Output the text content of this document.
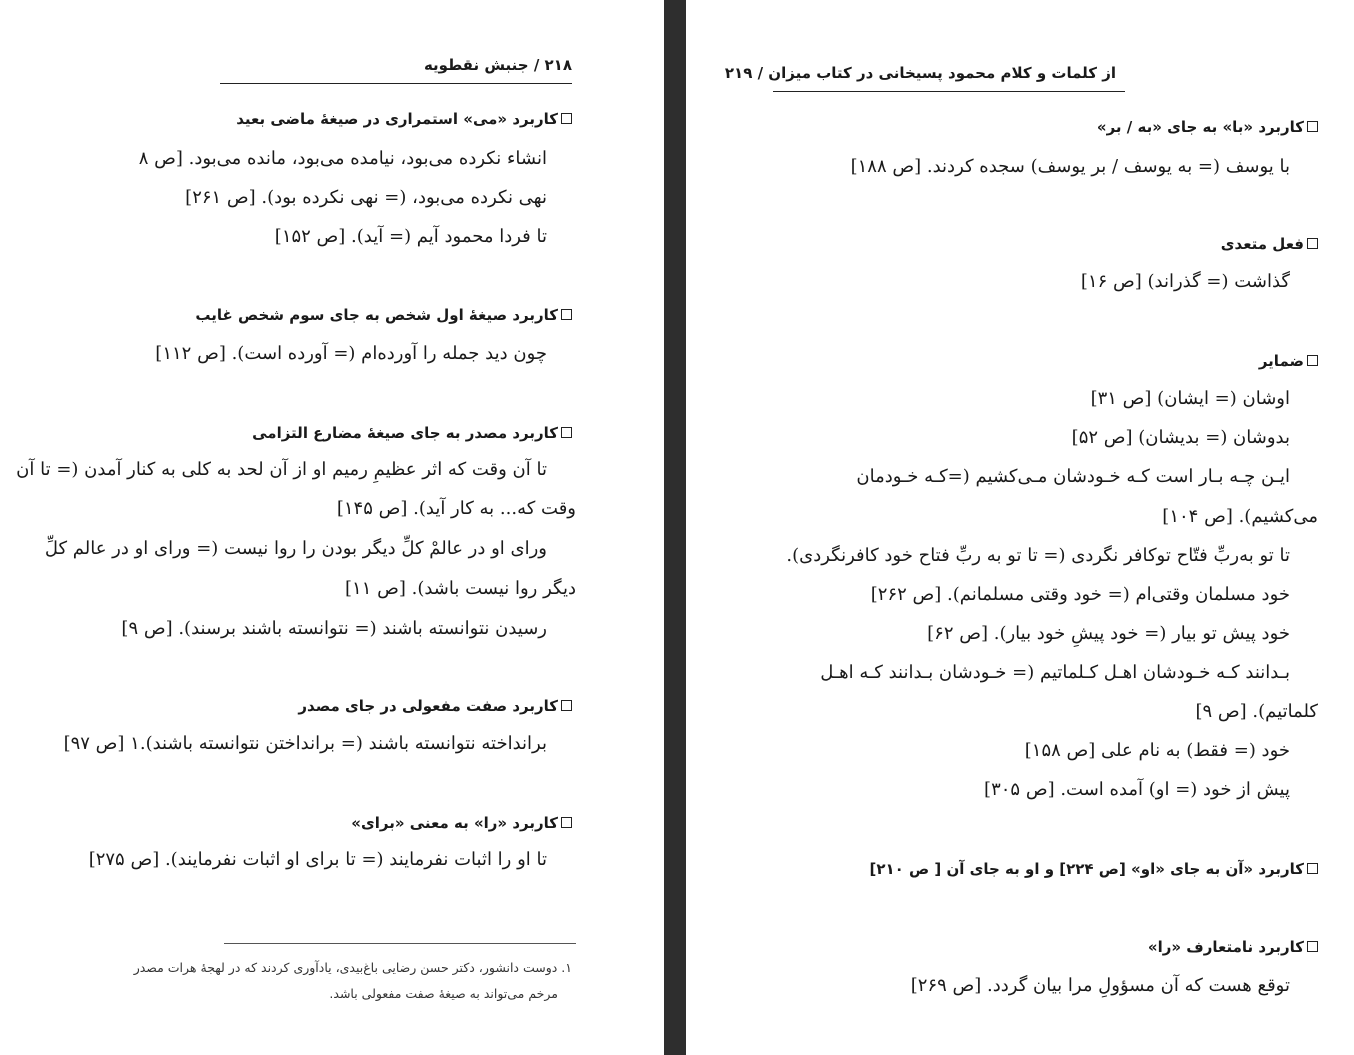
۲۱۸ / جنبش نقطویه
کاربرد «می» استمراری در صیغهٔ ماضی بعید
انشاء نکرده می‌بود، نیامده می‌بود، مانده می‌بود. [ص ۸
نهی نکرده می‌بود، (= نهی نکرده بود). [ص ۲۶۱]
تا فردا محمود آیم (= آید). [ص ۱۵۲]
کاربرد صیغهٔ اول شخص به جای سوم شخص غایب
چون دید جمله را آورده‌ام (= آورده است). [ص ۱۱۲]
کاربرد مصدر به جای صیغهٔ مضارع التزامی
تا آن وقت که اثر عظیمِ رمیم او از آن لحد به کلی به کنار آمدن (= تا آن
وقت که... به کار آید). [ص ۱۴۵]
ورای او در عالمْ کلِّ دیگر بودن را روا نیست (= ورای او در عالم کلِّ
دیگر روا نیست باشد). [ص ۱۱]
رسیدن نتوانسته باشند (= نتوانسته باشند برسند). [ص ۹]
کاربرد صفت مفعولی در جای مصدر
برانداخته نتوانسته باشند (= برانداختن نتوانسته باشند).۱ [ص ۹۷]
کاربرد «را» به معنی «برای»
تا او را اثبات نفرمایند (= تا برای او اثبات نفرمایند). [ص ۲۷۵]
۱. دوست دانشور، دکتر حسن رضایی باغ‌بیدی، یادآوری کردند که در لهجهٔ هرات مصدر
مرخم می‌تواند به صیغهٔ صفت مفعولی باشد.
از کلمات و کلام محمود پسیخانی در کتاب میزان / ۲۱۹
کاربرد «با» به جای «به / بر»
با یوسف (= به یوسف / بر یوسف) سجده کردند. [ص ۱۸۸]
فعل متعدی
گذاشت (= گذراند) [ص ۱۶]
ضمایر
اوشان (= ایشان) [ص ۳۱]
بدوشان (= بدیشان) [ص ۵۲]
ایـن چـه بـار است کـه خـودشان مـی‌کشیم (=کـه خـودمان
می‌کشیم). [ص ۱۰۴]
تا تو به‌ربِّ فتّاح توکافر نگردی (= تا تو به ربِّ فتاح خود کافرنگردی).
خود مسلمان وقتی‌ام (= خود وقتی مسلمانم). [ص ۲۶۲]
خود پیش تو بیار (= خود پیشِ خود بیار). [ص ۶۲]
بـدانند کـه خـودشان اهـل کـلماتیم (= خـودشان بـدانند کـه اهـل
کلماتیم). [ص ۹]
خود (= فقط) به نام علی [ص ۱۵۸]
پیش از خود (= او) آمده است. [ص ۳۰۵]
کاربرد «آن به جای «او» [ص ۲۲۴] و او به جای آن [ ص ۲۱۰]
کاربرد نامتعارف «را»
توقع هست که آن مسؤولِ مرا بیان گردد. [ص ۲۶۹]
